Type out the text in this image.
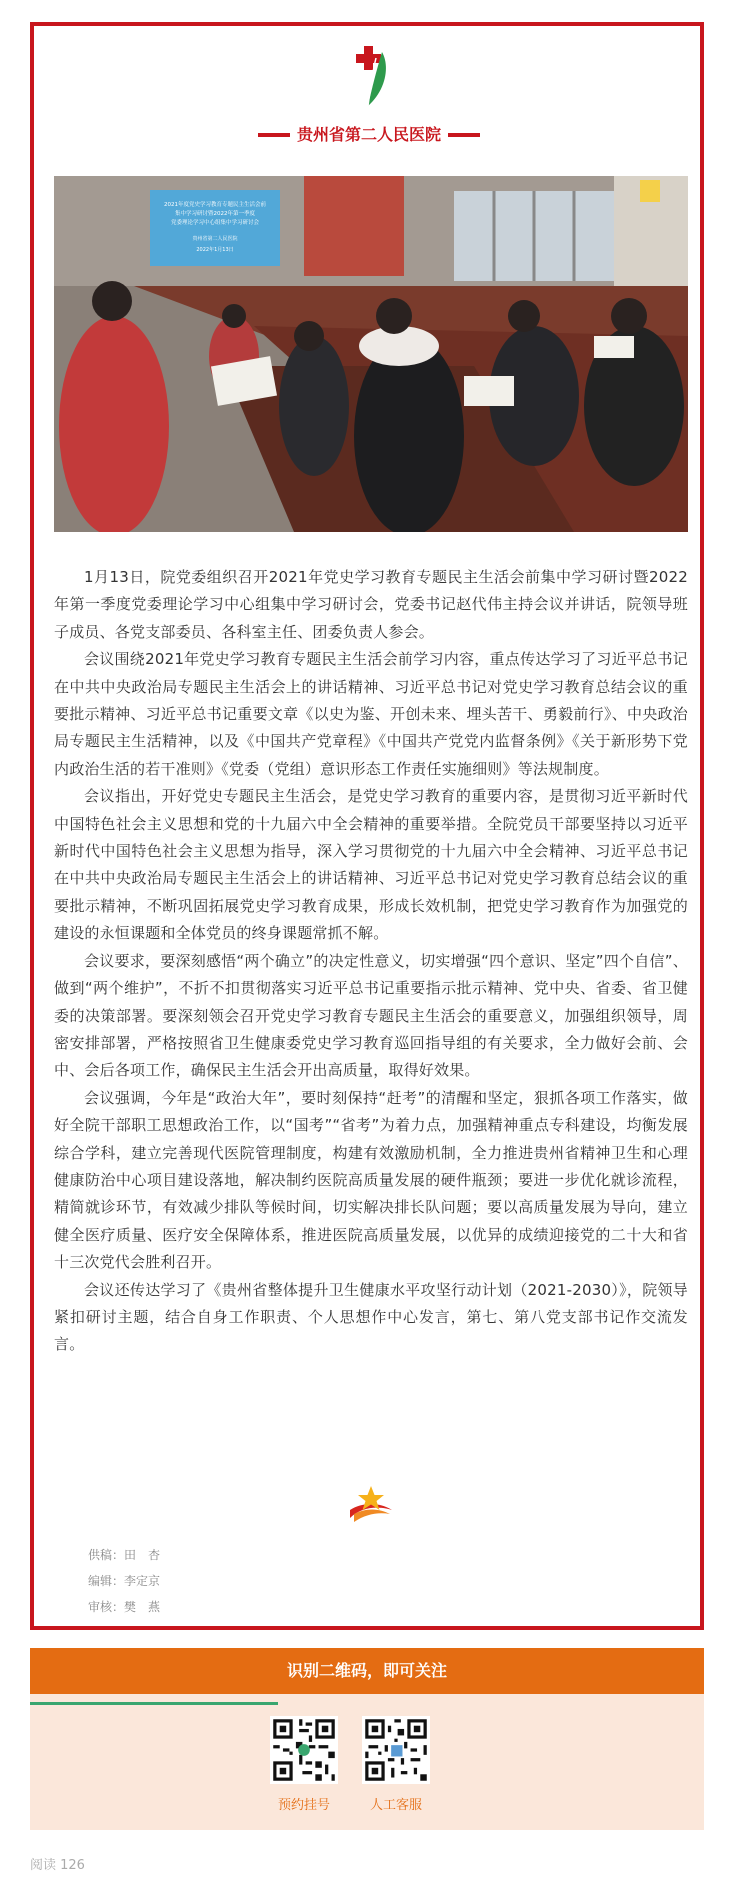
贵州省第二人民医院
2021年度党史学习教育专题民主生活会前
集中学习研讨暨2022年第一季度
党委理论学习中心组集中学习研讨会
贵州省第二人民医院
2022年1月13日

1月13日，院党委组织召开2021年党史学习教育专题民主生活会前集中学习研讨暨2022年第一季度党委理论学习中心组集中学习研讨会，党委书记赵代伟主持会议并讲话，院领导班子成员、各党支部委员、各科室主任、团委负责人参会。

会议围绕2021年党史学习教育专题民主生活会前学习内容，重点传达学习了习近平总书记在中共中央政治局专题民主生活会上的讲话精神、习近平总书记对党史学习教育总结会议的重要批示精神、习近平总书记重要文章《以史为鉴、开创未来、埋头苦干、勇毅前行》、中央政治局专题民主生活精神，以及《中国共产党章程》《中国共产党党内监督条例》《关于新形势下党内政治生活的若干准则》《党委（党组）意识形态工作责任实施细则》等法规制度。

会议指出，开好党史专题民主生活会，是党史学习教育的重要内容，是贯彻习近平新时代中国特色社会主义思想和党的十九届六中全会精神的重要举措。全院党员干部要坚持以习近平新时代中国特色社会主义思想为指导，深入学习贯彻党的十九届六中全会精神、习近平总书记在中共中央政治局专题民主生活会上的讲话精神、习近平总书记对党史学习教育总结会议的重要批示精神，不断巩固拓展党史学习教育成果，形成长效机制，把党史学习教育作为加强党的建设的永恒课题和全体党员的终身课题常抓不解。

会议要求，要深刻感悟“两个确立”的决定性意义，切实增强“四个意识、坚定”四个自信”、做到“两个维护”，不折不扣贯彻落实习近平总书记重要指示批示精神、党中央、省委、省卫健委的决策部署。要深刻领会召开党史学习教育专题民主生活会的重要意义，加强组织领导，周密安排部署，严格按照省卫生健康委党史学习教育巡回指导组的有关要求，全力做好会前、会中、会后各项工作，确保民主生活会开出高质量，取得好效果。

会议强调，今年是“政治大年”，要时刻保持“赶考”的清醒和坚定，狠抓各项工作落实，做好全院干部职工思想政治工作，以“国考”“省考”为着力点，加强精神重点专科建设，均衡发展综合学科，建立完善现代医院管理制度，构建有效激励机制，全力推进贵州省精神卫生和心理健康防治中心项目建设落地，解决制约医院高质量发展的硬件瓶颈；要进一步优化就诊流程，精简就诊环节，有效减少排队等候时间，切实解决排长队问题；要以高质量发展为导向，建立健全医疗质量、医疗安全保障体系，推进医院高质量发展，以优异的成绩迎接党的二十大和省十三次党代会胜利召开。

会议还传达学习了《贵州省整体提升卫生健康水平攻坚行动计划（2021-2030）》，院领导紧扣研讨主题，结合自身工作职责、个人思想作中心发言，第七、第八党支部书记作交流发言。

供稿：田　杏
编辑：李定京
审核：樊　燕
识别二维码，即可关注
预约挂号	人工客服
阅读 126
